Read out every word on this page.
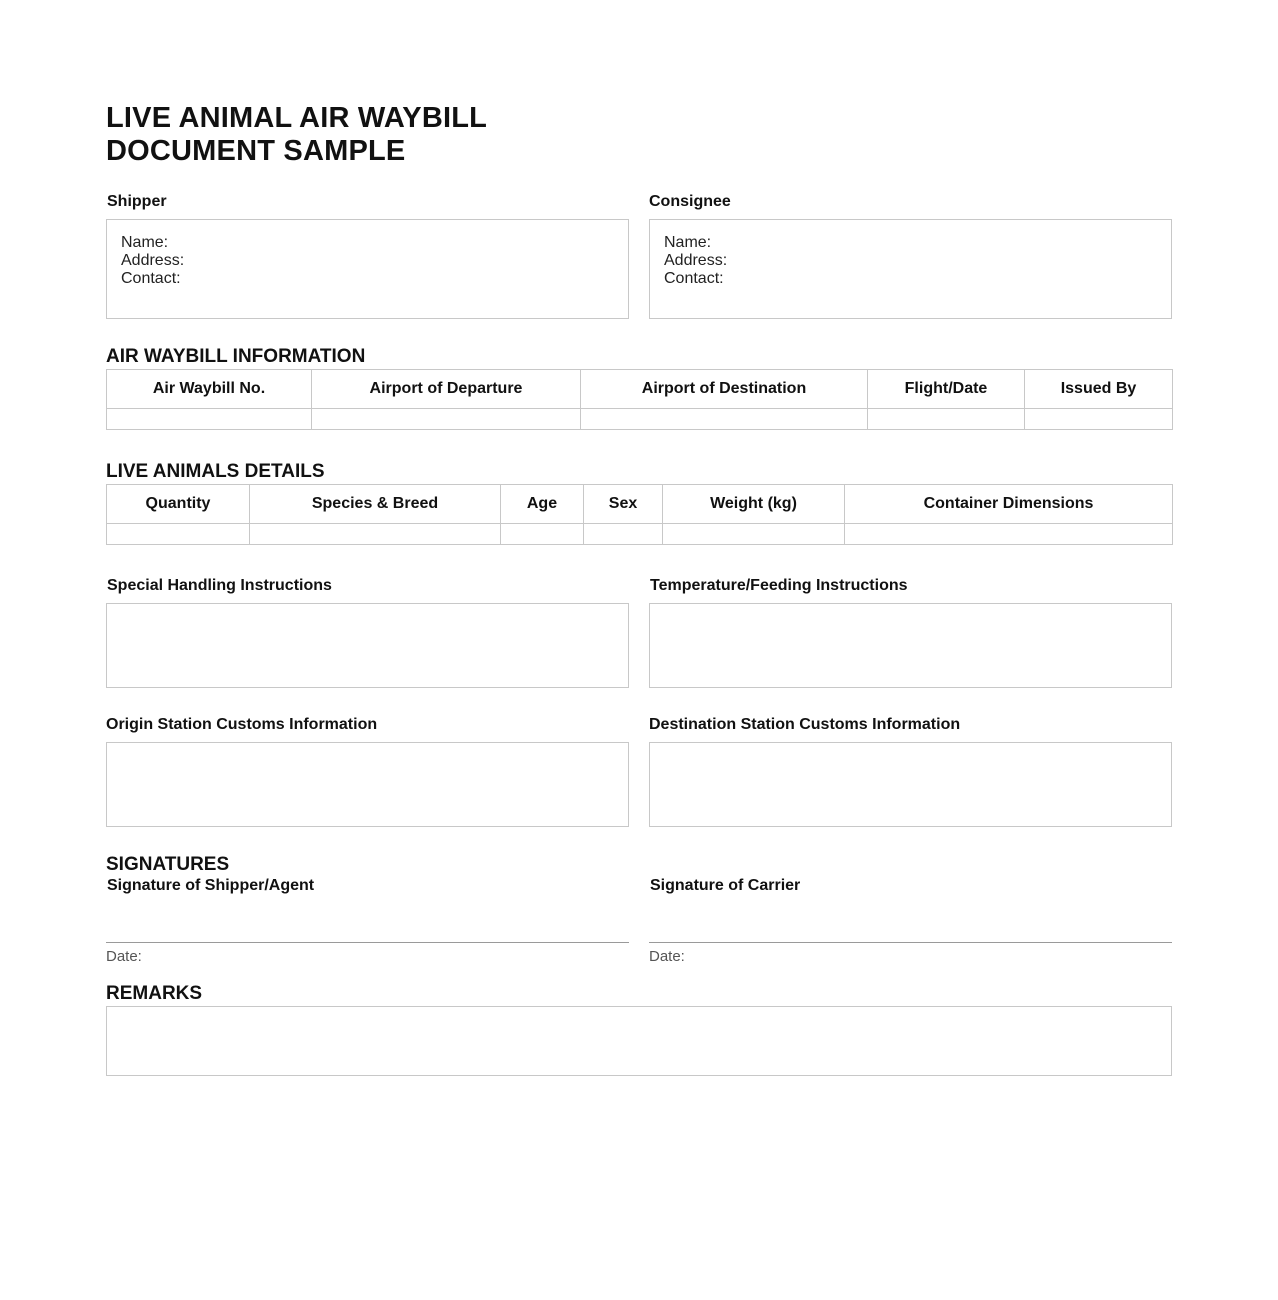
LIVE ANIMAL AIR WAYBILL
DOCUMENT SAMPLE
Shipper
Name:
Address:
Contact:
Consignee
Name:
Address:
Contact:
AIR WAYBILL INFORMATION
Air Waybill No.	Airport of Departure	Airport of Destination	Flight/Date	Issued By

LIVE ANIMALS DETAILS
Quantity	Species & Breed	Age	Sex	Weight (kg)	Container Dimensions

Special Handling Instructions	Temperature/Feeding Instructions
Origin Station Customs Information	Destination Station Customs Information
SIGNATURES
Signature of Shipper/Agent	Signature of Carrier
Date:	Date:
REMARKS
